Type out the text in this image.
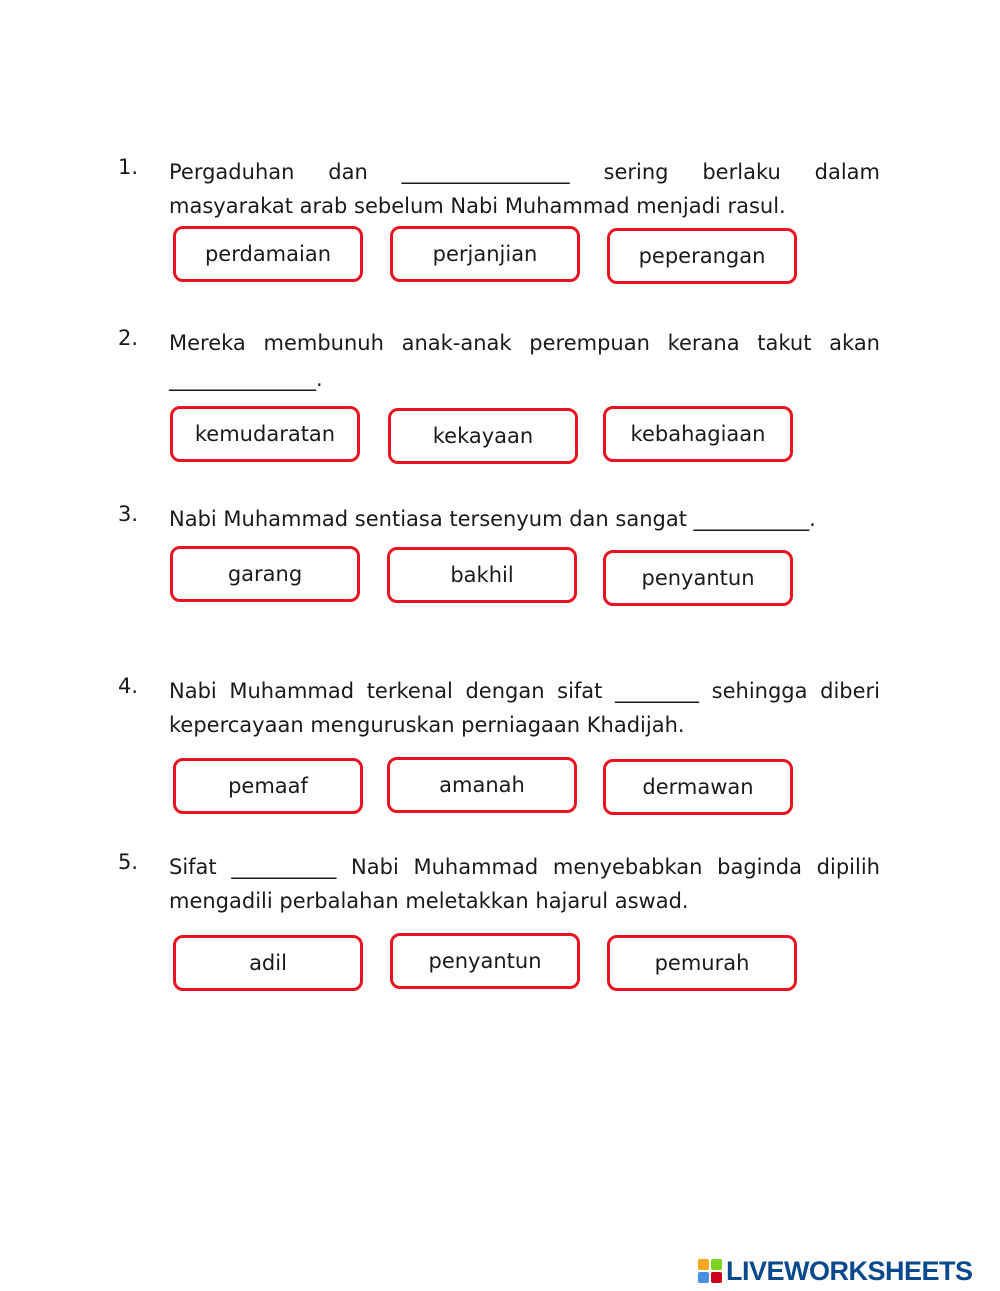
1. Pergaduhan dan ________________ sering berlaku dalam
masyarakat arab sebelum Nabi Muhammad menjadi rasul.
perdamaian	perjanjian	peperangan
2. Mereka membunuh anak-anak perempuan kerana takut akan
______________.
kemudaratan	kekayaan	kebahagiaan
3. Nabi Muhammad sentiasa tersenyum dan sangat ___________.
garang	bakhil	penyantun
4. Nabi Muhammad terkenal dengan sifat ________ sehingga diberi
kepercayaan menguruskan perniagaan Khadijah.
pemaaf	amanah	dermawan
5. Sifat __________ Nabi Muhammad menyebabkan baginda dipilih
mengadili perbalahan meletakkan hajarul aswad.
adil	penyantun	pemurah
LIVEWORKSHEETS
